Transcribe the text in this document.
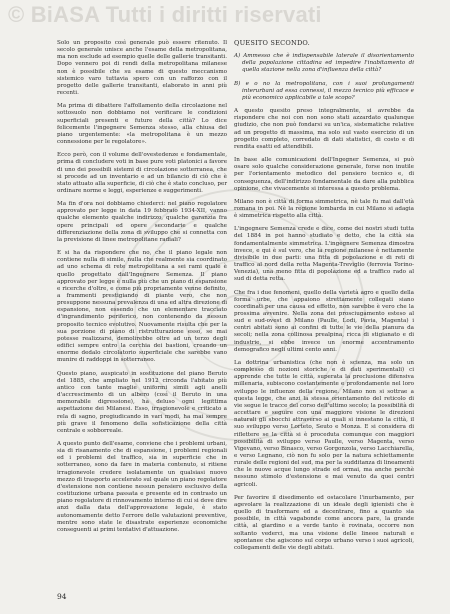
© BiASA Tutti i diritti riservati

Solo un proposito così generale può essere ritenuto. Il secolo generale unisce anche l'esame della metropolitana, ma non esclude ad esempio quelle delle gallerie transitanti. Dopo vennero poi di rendi della metropolitana milanese non è possibile che su esame di questo meccanismo sistemico varo tuttavia spero con un rafforzo con il progetto delle gallerie transitanti, elaborato in anni più recenti.

Ma prima di dibattere l'affollamento della circolazione nel sottosuolo non dobbiamo noi verificare le condizioni superficiali presenti e future della città? Lo dice felicemente l'ingegnere Semenza stesso, alla chiusa del piano urgentemente: «la metropolitana è un mezzo connessione per le regolatore».

Ecco però, con il volume dell'ovestedenze e fondamentale, prima di concludere voti in base pure voti platonici a favore di uno dei possibili sistemi di circolazione sotterranea, che si procede ad un inventario e ad un bilancio di ciò che è stato attuato alla superficie, di ciò che è stato concluso, per ordinare norme e leggi, esperienze e suggerimenti.

Ma fin d'ora noi dobbiamo chiederci: nel piano regolatore approvato per legge in data 19 febbraio 1934-XII, vanno qualche elemento qualche indirizzo, qualche garanzia fra opere principali ed opere secondarie e qualche differenziazione della zona di sviluppo che si connetta con la previsione di linee metropolitane radiali?

E si ha da rispondere che no, che il piano legale non contiene nulla di simile, nulla che realmente sia coordinato ad uno schema di rete metropolitana a sei rami quale è quello progettato dall'Ingegnere Semenza. Il piano approvato per legge è nulla più che un piano di espansione e ricerche d'oltre, e come più propriamente venne definito, a frammenti prestigiando di piante vero, che non presuppone nessuna prevalenza di una ed altra direzione di espansione, non essendo che un elementare tracciato d'ingrandimento periferico, non contenendo da nessun proposito tecnico evolutivo. Nuovamente risulta che per la sua porzione di piano di ristrutturazione esso, se mai potesse realizzarsi, demolirebbe oltre ad un terzo degli edifici sempre entro la cerchia dei bastioni, creando un enorme dedalo circolatorio superficiale che sarebbe vano munire di raddoppi in sotterraneo.

Questo piano, auspicato in sostituzione del piano Beruto del 1885, che ampliato nel 1912 circonda l'abitato più antico con tante maglie uniformi simili agli anelli d'accrescimento di un albero (così il Beruto in una memorabile digressione), ha deluso ogni legittima aspettazione dei Milanesi. Esso, irragionevole e criticato a rela di sagno, pregiudicando in vari modi, ha mai sempre più grave il fenomeno della sofisticazione della città centrale e sobborreale.

A questo punto dell'esame, conviene che i problemi urbani, sia di risanamento che di espansione, i problemi regionali ed i problemi del traffico, sia in superficie che in sotterraneo, sono da fare in materia contenuto, si ritiene irragionevole credere isolatamente un qualsiasi nuovo mezzo di trasporto accelerato sul quale un piano regolatore d'estensione non contiene nessun pensiero esclusivo della costituzione urbana passata e presente ed in contrasto un piano regolatore di rinnovamento interno di cui si deve dire anzi dalla data dell'approvazione legale, è stato autonomamente detto l'errore delle valutazioni preventive, mentre sono state le disastrate esperienze economiche conseguenti ai primi tentativi d'attuazione.

QUESITO SECONDO.

A) Ammesso che è indispensabile laterale il disorientamento della popolazione cittadina ed impedire l'inabitamento di quella stazione nella zona d'influenza della città?

B) e o no la metropolitana, con i suoi prolungamenti interurbani ad essa connessi, il mezzo tecnico più efficace e più economico applicabile a tale scopo?

A questo quesito preso integralmente, si avrebbe da rispondere che noi con non sono stati azzardato qualunque giudizio, che non può fondarsi su un'ica, sistematiche relative ad un progetto di massima, ma solo sul vasto esercizio di un progetto completo, corredato di dati statistici, di costo e di rendita esatti ed attendibili.

In base alle comunicazioni dell'Ingegner Semenza, si può osare solo qualche considerazione generale, forse non inutile per l'orientamento metodico del pensiero tecnico e, di conseguenza, dell'indirizzo fondamentale da dare alla pubblica opinione, che vivacemente si interessa a questo problema.

Milano non è città di forma simmetrica, nè tale fu mai dall'età romana in poi. Nè la regione lombarda in cui Milano si adagia è simmetrica rispetto alla città.

L'ingegnere Semenza crede e dice, come dei nostri studi tutta del 1884 in poi hanno studiato e detto, che la città sia fondamentalmente simmetrica. L'ingegnere Semenza dimostra invece, e qui è sul vero, che la regione milanese è nettamente divisibile in due parti: una fitta di popolazione e di reti di traffico al nord della retta Magenta-Treviglio (ferrovia Torino-Venezia), una meno fitta di popolazione ed a traffico rado al sud di detta retta.

Che fra i due fenomeni, quello della varietà agro e quello della forma urbe, che appaiono strettamente collegati siano coordinati per una causa ed effetto, non sarebbe è vero che la prossima avvenire. Nella zona dei prosciugamento esteso al sud e sud-ovest di Milano (Paulle, Lodi, Pavia, Magenta) i centri abitati sono ai confini di tutte le vie della pianura da secoli; nella zona collinosa prealpina, ricca di stigianato e di industrie, si ebbe invece un enorme accentramento demografico negli ultimi cento anni.

La dottrina urbanistica (che non è scienza, ma solo un complesso di nozioni storiche e di dati sperimentali) ci apprende che tutte le città, superata la preclusione difensiva millenaria, subiscono costantemente e profondamente nel loro sviluppo le influenze della regione. Milano non si sottrae a questa legge, che anzi la stessa orientamento del reticolo di vie segue le tracce del corso dell'ultimo secolo; la possibilità di accettare e seguire con una maggiore visione le direzioni naturali gli sbocchi attraverso ai quali si innestano la città, il suo sviluppo verso Lorteto, Seuto e Monza. E si considera di riflettere se la città si è proceduta comunque con maggiori possibilità di sviluppo verso Paulle, verso Magenta, verso Vigevano, verso Binasco, verso Gorgonzola, verso Lacchiarella, e verso Legnano, ciò non fu solo per la natura schiettamente rurale delle regioni del sud, ma per la sudditanza di lineamenti che le nuove acque lungo strade ed ormai, ma anche perchè nessuno stimolo d'estensione e mai venuto da quei centri agricoli.

Per favorire il disedimento ed ostacolare l'inurbamento, per agevolare la realizzazione di un ideale degli igienisti che è quello di trasformare ed a decentrare, fino a quanto sia possibile, in città vagabonde come ancora pare, la grande città, al giardino e a verde tanto è rovinata, occorre non soltanto vederci, ma una visione delle lineee naturali e spontanee che agiscono sul corpo urbano verso i suoi agricoli, collegamenti delle vie degli abitati.

94
